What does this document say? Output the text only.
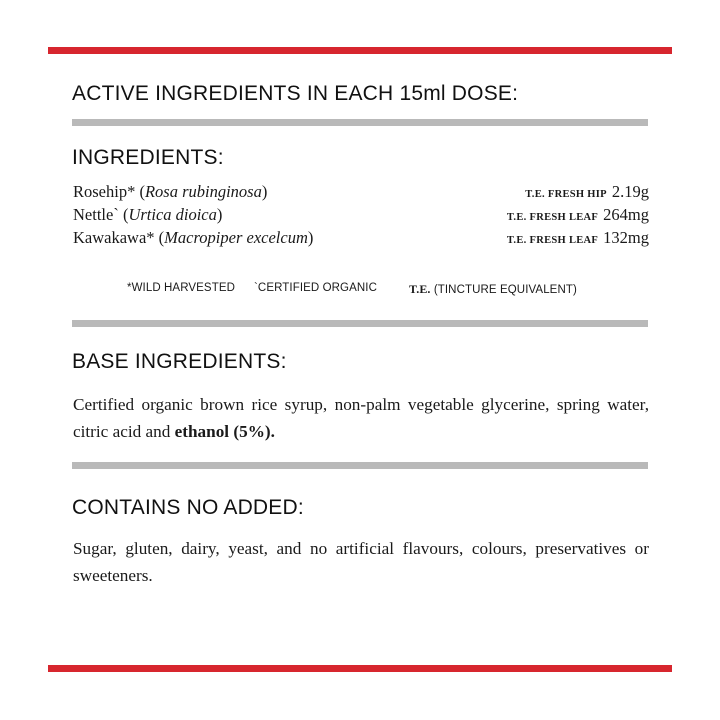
ACTIVE INGREDIENTS IN EACH 15ml DOSE:
INGREDIENTS:
Rosehip* (Rosa rubinginosa)	T.E. FRESH HIP 2.19g
Nettle` (Urtica dioica)	T.E. FRESH LEAF 264mg
Kawakawa* (Macropiper excelcum)	T.E. FRESH LEAF 132mg
*WILD HARVESTED `CERTIFIED ORGANIC	T.E. (TINCTURE EQUIVALENT)
BASE INGREDIENTS:

Certified organic brown rice syrup, non-palm vegetable glycerine, spring water, citric acid and ethanol (5%).

CONTAINS NO ADDED:

Sugar, gluten, dairy, yeast, and no artificial flavours, colours, preservatives or sweeteners.
